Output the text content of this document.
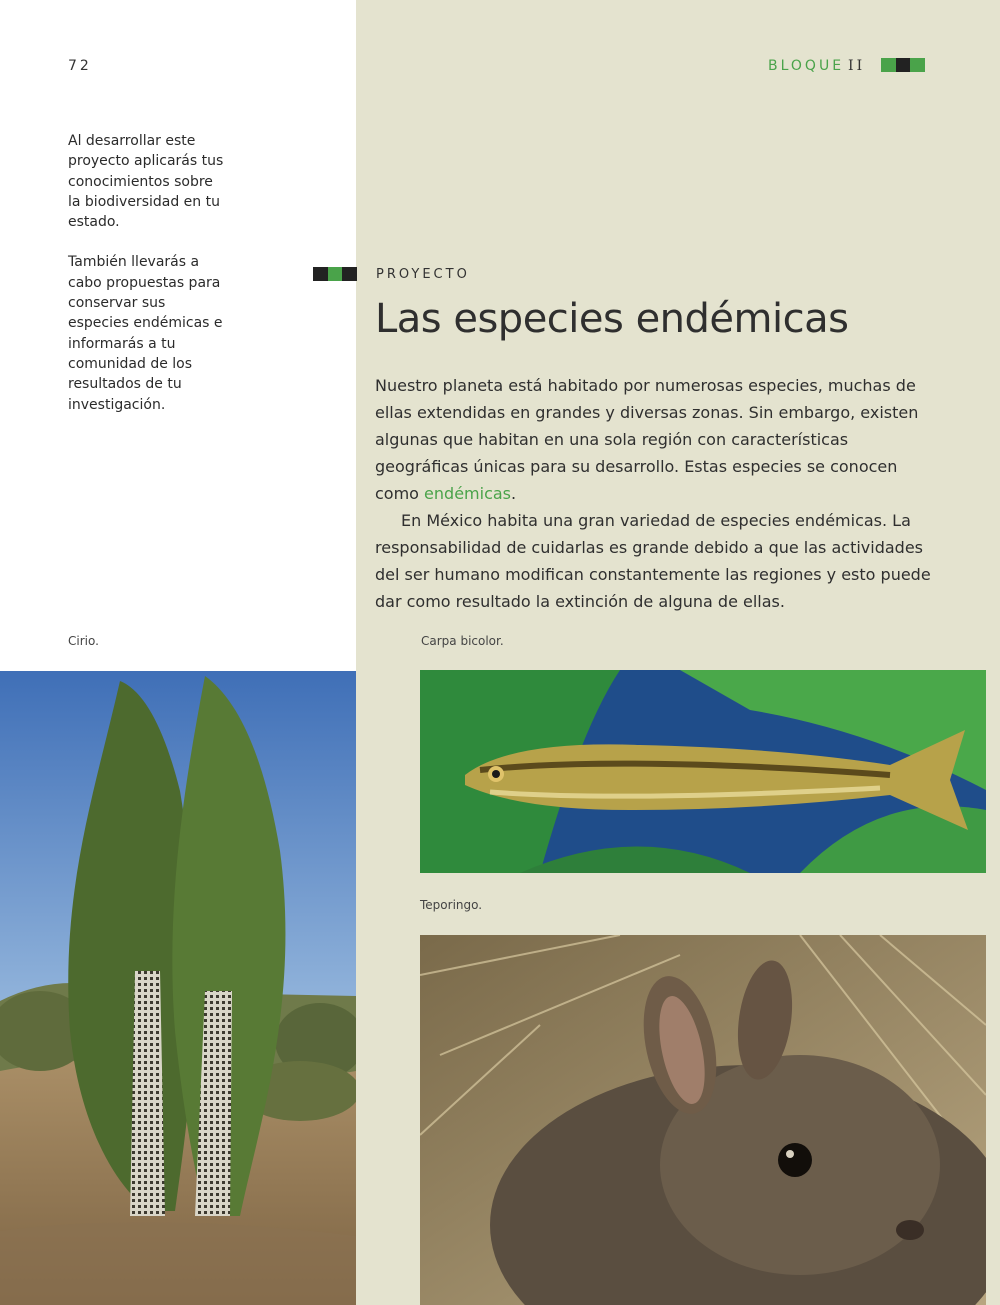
72	BLOQUE II

Al desarrollar este proyecto aplicarás tus conocimientos sobre la biodiversidad en tu estado.

También llevarás a cabo propuestas para conservar sus especies endémicas e informarás a tu comunidad de los resultados de tu investigación.

PROYECTO
Las especies endémicas

Nuestro planeta está habitado por numerosas especies, muchas de ellas extendidas en grandes y diversas zonas. Sin embargo, existen algunas que habitan en una sola región con características geográficas únicas para su desarrollo. Estas especies se conocen como endémicas.

En México habita una gran variedad de especies endémicas. La responsabilidad de cuidarlas es grande debido a que las actividades del ser humano modifican constantemente las regiones y esto puede dar como resultado la extinción de alguna de ellas.

Cirio.	Carpa bicolor.
Teporingo.
